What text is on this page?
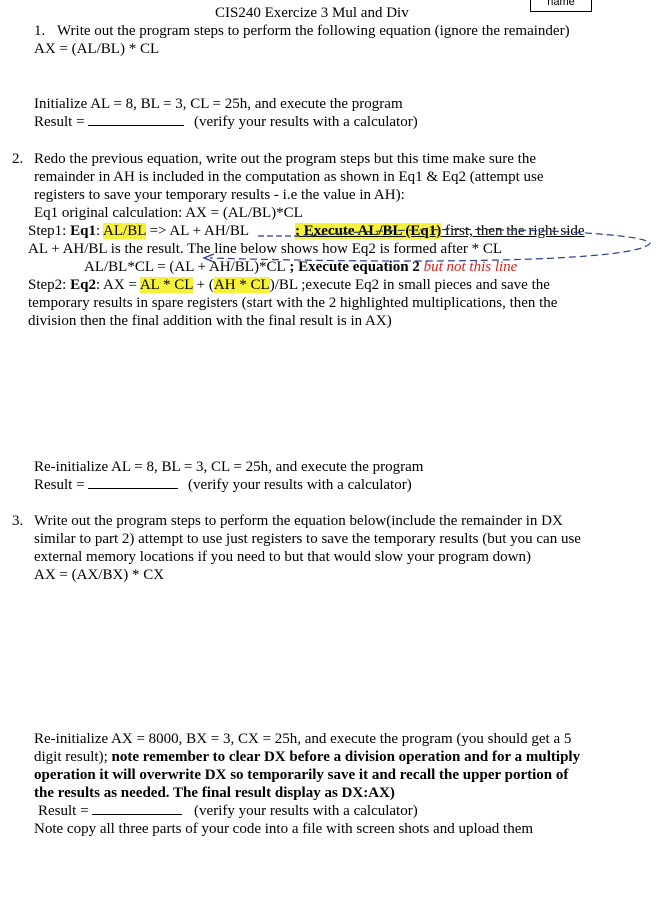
name
CIS240 Exercize 3 Mul and Div
1. Write out the program steps to perform the following equation (ignore the remainder)
AX = (AL/BL) * CL
Initialize AL = 8, BL = 3, CL = 25h, and execute the program
Result =	(verify your results with a calculator)
2. Redo the previous equation, write out the program steps but this time make sure the
remainder in AH is included in the computation as shown in Eq1 & Eq2 (attempt use
registers to save your temporary results - i.e the value in AH):
Eq1 original calculation: AX = (AL/BL)*CL
Step1: Eq1: AL/BL => AL + AH/BL	; Execute AL/BL (Eq1) first, then the right side
AL + AH/BL is the result. The line below shows how Eq2 is formed after * CL
AL/BL*CL = (AL + AH/BL)*CL ; Execute equation 2 but not this line
Step2: Eq2: AX = AL * CL + (AH * CL)/BL ;execute Eq2 in small pieces and save the
temporary results in spare registers (start with the 2 highlighted multiplications, then the
division then the final addition with the final result is in AX)
Re-initialize AL = 8, BL = 3, CL = 25h, and execute the program
Result =	(verify your results with a calculator)
3. Write out the program steps to perform the equation below(include the remainder in DX
similar to part 2) attempt to use just registers to save the temporary results (but you can use
external memory locations if you need to but that would slow your program down)
AX = (AX/BX) * CX
Re-initialize AX = 8000, BX = 3, CX = 25h, and execute the program (you should get a 5
digit result); note remember to clear DX before a division operation and for a multiply
operation it will overwrite DX so temporarily save it and recall the upper portion of
the results as needed. The final result display as DX:AX)
Result =	(verify your results with a calculator)
Note copy all three parts of your code into a file with screen shots and upload them
